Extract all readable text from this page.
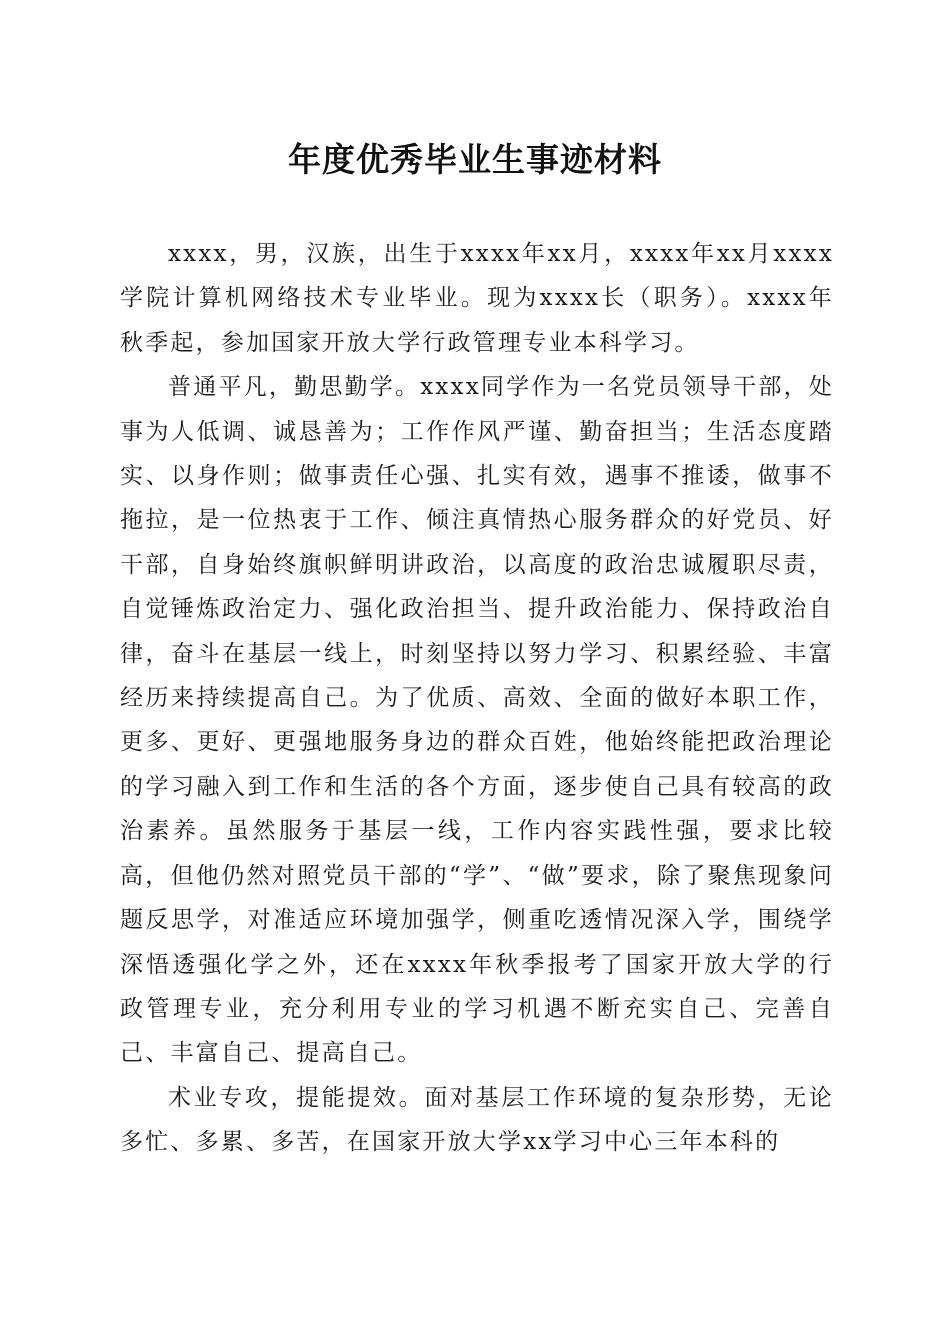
年度优秀毕业生事迹材料

xxxx，男，汉族，出生于xxxx年xx月，xxxx年xx月xxxx学院计算机网络技术专业毕业。现为xxxx长（职务）。xxxx年秋季起，参加国家开放大学行政管理专业本科学习。

普通平凡，勤思勤学。xxxx同学作为一名党员领导干部，处事为人低调、诚恳善为；工作作风严谨、勤奋担当；生活态度踏实、以身作则；做事责任心强、扎实有效，遇事不推诿，做事不拖拉，是一位热衷于工作、倾注真情热心服务群众的好党员、好干部，自身始终旗帜鲜明讲政治，以高度的政治忠诚履职尽责，自觉锤炼政治定力、强化政治担当、提升政治能力、保持政治自律，奋斗在基层一线上，时刻坚持以努力学习、积累经验、丰富经历来持续提高自己。为了优质、高效、全面的做好本职工作，更多、更好、更强地服务身边的群众百姓，他始终能把政治理论的学习融入到工作和生活的各个方面，逐步使自己具有较高的政治素养。虽然服务于基层一线，工作内容实践性强，要求比较高，但他仍然对照党员干部的“学”、“做”要求，除了聚焦现象问题反思学，对准适应环境加强学，侧重吃透情况深入学，围绕学深悟透强化学之外，还在xxxx年秋季报考了国家开放大学的行政管理专业，充分利用专业的学习机遇不断充实自己、完善自己、丰富自己、提高自己。

术业专攻，提能提效。面对基层工作环境的复杂形势，无论多忙、多累、多苦，在国家开放大学xx学习中心三年本科的
